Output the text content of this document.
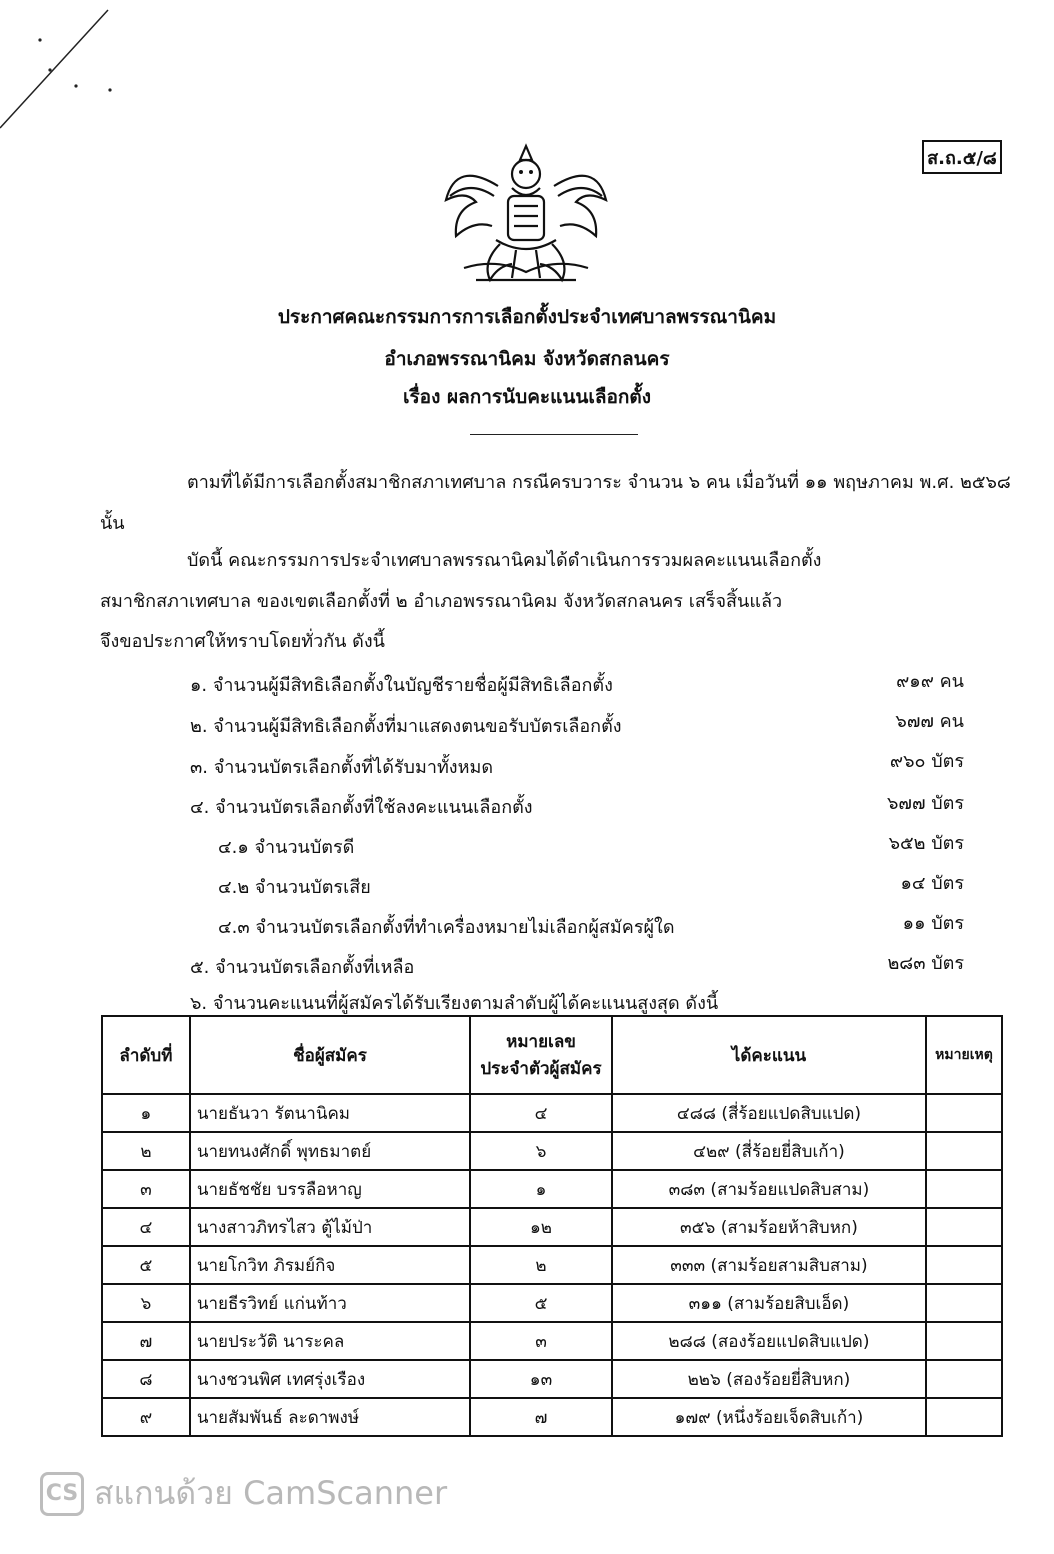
ส.ถ.๕/๘
ประกาศคณะกรรมการการเลือกตั้งประจำเทศบาลพรรณานิคม
อำเภอพรรณานิคม จังหวัดสกลนคร
เรื่อง ผลการนับคะแนนเลือกตั้ง
ตามที่ได้มีการเลือกตั้งสมาชิกสภาเทศบาล กรณีครบวาระ จำนวน ๖ คน เมื่อวันที่ ๑๑ พฤษภาคม พ.ศ. ๒๕๖๘
นั้น
บัดนี้ คณะกรรมการประจำเทศบาลพรรณานิคมได้ดำเนินการรวมผลคะแนนเลือกตั้ง
สมาชิกสภาเทศบาล ของเขตเลือกตั้งที่ ๒ อำเภอพรรณานิคม จังหวัดสกลนคร เสร็จสิ้นแล้ว
จึงขอประกาศให้ทราบโดยทั่วกัน ดังนี้
๑. จำนวนผู้มีสิทธิเลือกตั้งในบัญชีรายชื่อผู้มีสิทธิเลือกตั้ง	๙๑๙ คน
๒. จำนวนผู้มีสิทธิเลือกตั้งที่มาแสดงตนขอรับบัตรเลือกตั้ง	๖๗๗ คน
๓. จำนวนบัตรเลือกตั้งที่ได้รับมาทั้งหมด	๙๖๐ บัตร
๔. จำนวนบัตรเลือกตั้งที่ใช้ลงคะแนนเลือกตั้ง	๖๗๗ บัตร
๔.๑ จำนวนบัตรดี	๖๕๒ บัตร
๔.๒ จำนวนบัตรเสีย	๑๔ บัตร
๔.๓ จำนวนบัตรเลือกตั้งที่ทำเครื่องหมายไม่เลือกผู้สมัครผู้ใด	๑๑ บัตร
๕. จำนวนบัตรเลือกตั้งที่เหลือ	๒๘๓ บัตร
๖. จำนวนคะแนนที่ผู้สมัครได้รับเรียงตามลำดับผู้ได้คะแนนสูงสุด ดังนี้
ลำดับที่	ชื่อผู้สมัคร	หมายเลข
ประจำตัวผู้สมัคร	ได้คะแนน	หมายเหตุ
๑	นายธันวา รัตนานิคม	๔	๔๘๘ (สี่ร้อยแปดสิบแปด)	
๒	นายทนงศักดิ์ พุทธมาตย์	๖	๔๒๙ (สี่ร้อยยี่สิบเก้า)	
๓	นายธัชชัย บรรลือหาญ	๑	๓๘๓ (สามร้อยแปดสิบสาม)	
๔	นางสาวภิทรไสว ตู้ไม้ป่า	๑๒	๓๕๖ (สามร้อยห้าสิบหก)	
๕	นายโกวิท ภิรมย์กิจ	๒	๓๓๓ (สามร้อยสามสิบสาม)	
๖	นายธีรวิทย์ แก่นท้าว	๕	๓๑๑ (สามร้อยสิบเอ็ด)	
๗	นายประวัติ นาระคล	๓	๒๘๘ (สองร้อยแปดสิบแปด)	
๘	นางชวนพิศ เทศรุ่งเรือง	๑๓	๒๒๖ (สองร้อยยี่สิบหก)	
๙	นายสัมพันธ์ ละดาพงษ์	๗	๑๗๙ (หนึ่งร้อยเจ็ดสิบเก้า)	
CS สแกนด้วย CamScanner
